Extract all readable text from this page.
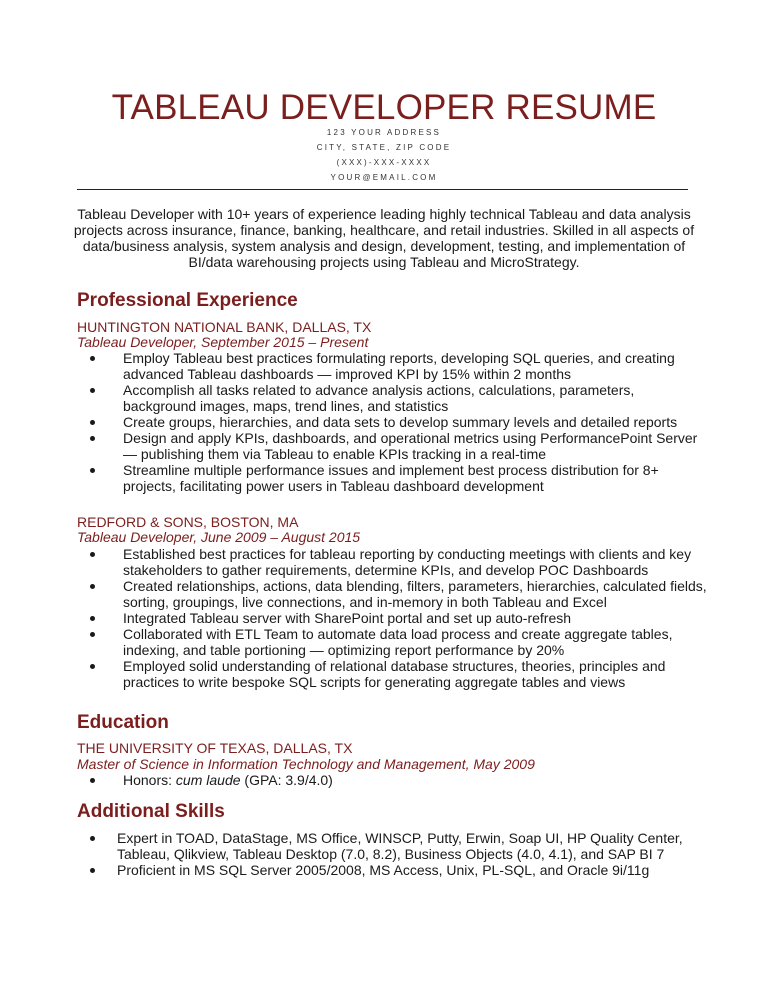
TABLEAU DEVELOPER RESUME
123 YOUR ADDRESS
CITY, STATE, ZIP CODE
(XXX)-XXX-XXXX
YOUR@EMAIL.COM
Tableau Developer with 10+ years of experience leading highly technical Tableau and data analysis
projects across insurance, finance, banking, healthcare, and retail industries. Skilled in all aspects of
data/business analysis, system analysis and design, development, testing, and implementation of
BI/data warehousing projects using Tableau and MicroStrategy.
Professional Experience
HUNTINGTON NATIONAL BANK, DALLAS, TX
Tableau Developer, September 2015 – Present
Employ Tableau best practices formulating reports, developing SQL queries, and creating
advanced Tableau dashboards — improved KPI by 15% within 2 months
Accomplish all tasks related to advance analysis actions, calculations, parameters,
background images, maps, trend lines, and statistics
Create groups, hierarchies, and data sets to develop summary levels and detailed reports
Design and apply KPIs, dashboards, and operational metrics using PerformancePoint Server
— publishing them via Tableau to enable KPIs tracking in a real-time
Streamline multiple performance issues and implement best process distribution for 8+
projects, facilitating power users in Tableau dashboard development
REDFORD & SONS, BOSTON, MA
Tableau Developer, June 2009 – August 2015
Established best practices for tableau reporting by conducting meetings with clients and key
stakeholders to gather requirements, determine KPIs, and develop POC Dashboards
Created relationships, actions, data blending, filters, parameters, hierarchies, calculated fields,
sorting, groupings, live connections, and in-memory in both Tableau and Excel
Integrated Tableau server with SharePoint portal and set up auto-refresh
Collaborated with ETL Team to automate data load process and create aggregate tables,
indexing, and table portioning — optimizing report performance by 20%
Employed solid understanding of relational database structures, theories, principles and
practices to write bespoke SQL scripts for generating aggregate tables and views
Education
THE UNIVERSITY OF TEXAS, DALLAS, TX
Master of Science in Information Technology and Management, May 2009
Honors: cum laude (GPA: 3.9/4.0)
Additional Skills
Expert in TOAD, DataStage, MS Office, WINSCP, Putty, Erwin, Soap UI, HP Quality Center,
Tableau, Qlikview, Tableau Desktop (7.0, 8.2), Business Objects (4.0, 4.1), and SAP BI 7
Proficient in MS SQL Server 2005/2008, MS Access, Unix, PL-SQL, and Oracle 9i/11g
